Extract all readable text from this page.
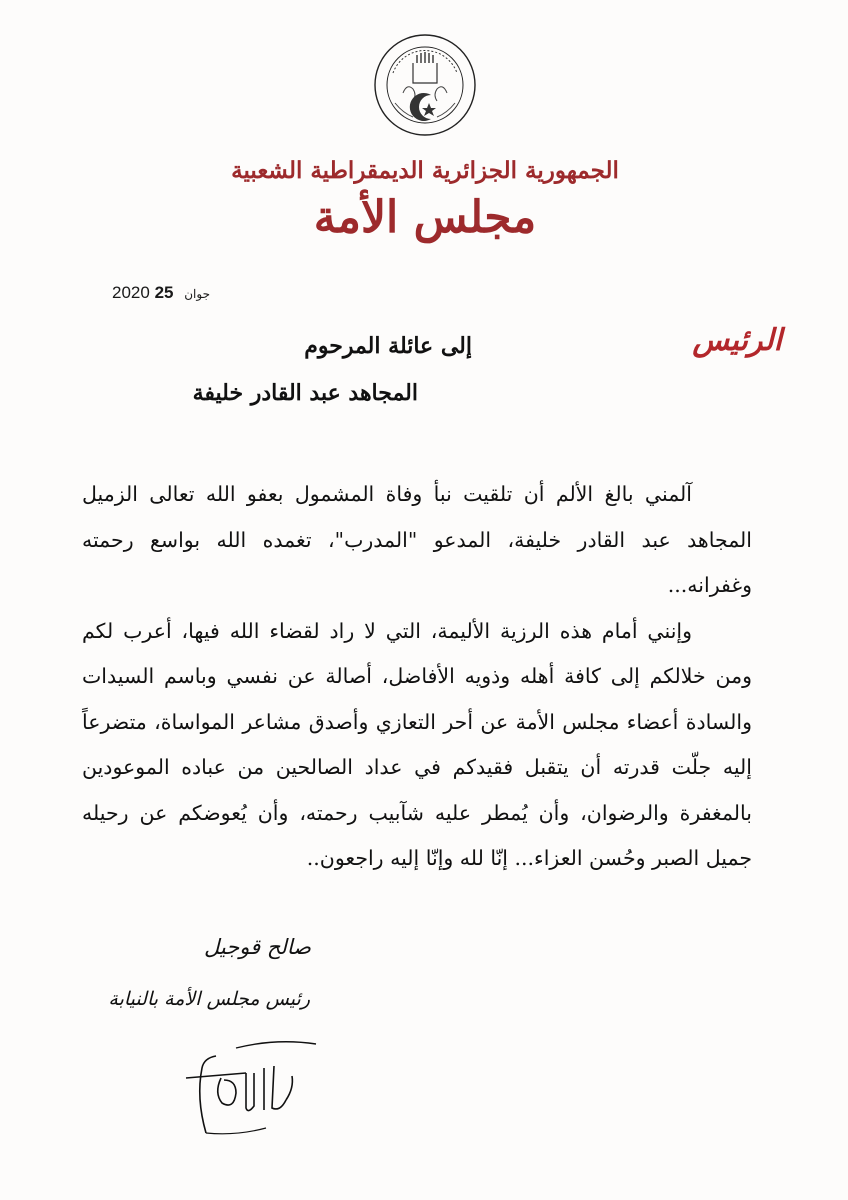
الجمهورية الجزائرية الديمقراطية الشعبية
مجلس الأمة
2020	جوان 25
الرئيس
إلى عائلة المرحوم
المجاهد عبد القادر خليفة

آلمني بالغ الألم أن تلقيت نبأ وفاة المشمول بعفو الله تعالى الزميل المجاهد عبد القادر خليفة، المدعو "المدرب"، تغمده الله بواسع رحمته وغفرانه...

وإنني أمام هذه الرزية الأليمة، التي لا راد لقضاء الله فيها، أعرب لكم ومن خلالكم إلى كافة أهله وذويه الأفاضل، أصالة عن نفسي وباسم السيدات والسادة أعضاء مجلس الأمة عن أحر التعازي وأصدق مشاعر المواساة، متضرعاً إليه جلّت قدرته أن يتقبل فقيدكم في عداد الصالحين من عباده الموعودين بالمغفرة والرضوان، وأن يُمطر عليه شآبيب رحمته، وأن يُعوضكم عن رحيله جميل الصبر وحُسن العزاء... إنّا لله وإنّا إليه راجعون..

صالح قوجيل
رئيس مجلس الأمة بالنيابة
